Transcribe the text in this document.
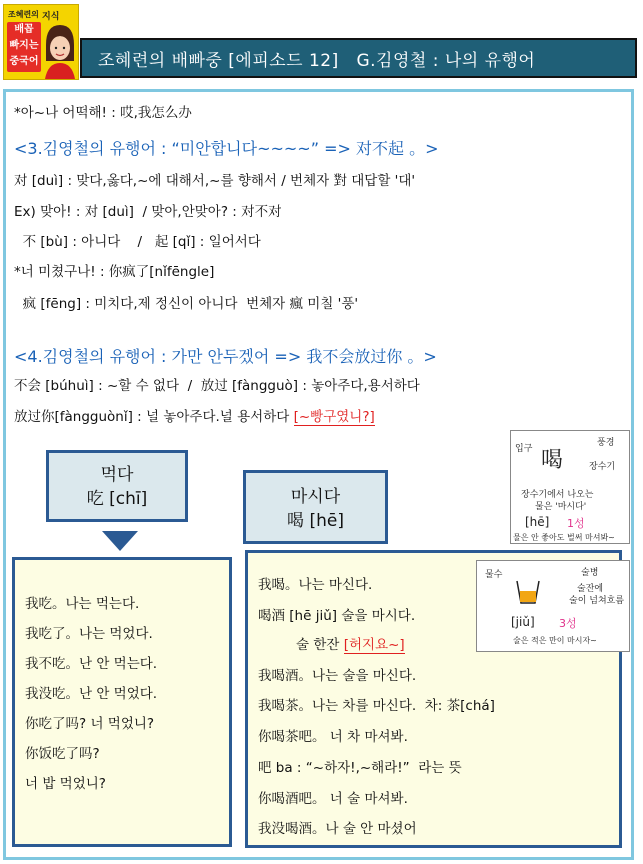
조혜련의 지식
배꼽
빠지는
중국어	조혜련의 배빠중 [에피소드 12]   G.김영철 : 나의 유행어
*아~나 어떡해! : 哎,我怎么办
<3.김영철의 유행어 : “미안합니다~~~~” => 对不起 。>
对 [duì] : 맞다,옳다,~에 대해서,~를 향해서 / 번체자 對 대답할 '대'
Ex) 맞아! : 对 [duì]  / 맞아,안맞아? : 对不对
不 [bù] : 아니다    /   起 [qǐ] : 일어서다
*너 미쳤구나! : 你疯了[nǐfēngle]
疯 [fēng] : 미치다,제 정신이 아니다  번체자 瘋 미칠 '풍'
<4.김영철의 유행어 : 가만 안두겠어 => 我不会放过你 。>
不会 [búhuì] : ~할 수 없다  /  放过 [fàngguò] : 놓아주다,용서하다
放过你[fàngguònǐ] : 널 놓아주다.널 용서하다 [~빵구였니?]
먹다
吃 [chī]	마시다
喝 [hē]
입구
풍경
喝	장수기
장수기에서 나오는
물은 '마시다'
[hē] 1성
물은 안 좋아도 벌써 마셔봐~
我吃。나는 먹는다.
我吃了。나는 먹었다.
我不吃。난 안 먹는다.
我没吃。난 안 먹었다.
你吃了吗? 너 먹었니?
你饭吃了吗?
너 밥 먹었니?
我喝。나는 마신다.
喝酒 [hē jiǔ] 술을 마시다.
술 한잔 [허지요~]
我喝酒。나는 술을 마신다.
我喝茶。나는 차를 마신다.  차: 茶[chá]
你喝茶吧。 너 차 마셔봐.
吧 ba : “~하자!,~해라!”  라는 뜻
你喝酒吧。 너 술 마셔봐.
我没喝酒。나 술 안 마셨어
물수	술병
술잔에
술이 넘쳐흐름
[jiǔ] 3성
술은 적은 만이 마시자~
